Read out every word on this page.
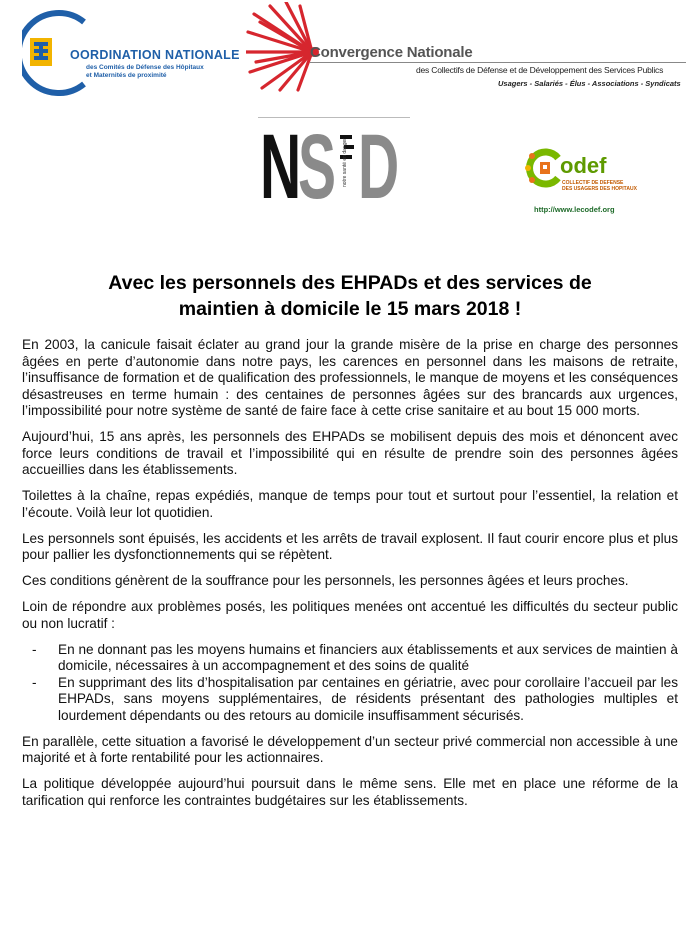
OORDINATION NATIONALE
des Comités de Défense des Hôpitaux
et Maternités de proximité
Convergence Nationale
des Collectifs de Défense et de Développement des Services Publics
Usagers - Salariés - Élus - Associations - Syndicats
N
S D
notre santé en danger	odef
COLLECTIF DE DEFENSE
DES USAGERS DES HOPITAUX
http://www.lecodef.org
Avec les personnels des EHPADs et des services de
maintien à domicile le 15 mars 2018 !

En 2003, la canicule faisait éclater au grand jour la grande misère de la prise en charge des personnes âgées en perte d’autonomie dans notre pays, les carences en personnel dans les maisons de retraite, l’insuffisance de formation et de qualification des professionnels, le manque de moyens et les conséquences désastreuses en terme humain : des centaines de personnes âgées sur des brancards aux urgences, l’impossibilité pour notre système de santé de faire face à cette crise sanitaire et au bout 15 000 morts.

Aujourd’hui, 15 ans après, les personnels des EHPADs se mobilisent depuis des mois et dénoncent avec force leurs conditions de travail et l’impossibilité qui en résulte de prendre soin des personnes âgées accueillies dans les établissements.

Toilettes à la chaîne, repas expédiés, manque de temps pour tout et surtout pour l’essentiel, la relation et l’écoute. Voilà leur lot quotidien.

Les personnels sont épuisés, les accidents et les arrêts de travail explosent. Il faut courir encore plus et plus pour pallier les dysfonctionnements qui se répètent.

Ces conditions génèrent de la souffrance pour les personnels, les personnes âgées et leurs proches.

Loin de répondre aux problèmes posés, les politiques menées ont accentué les difficultés du secteur public ou non lucratif :

- En ne donnant pas les moyens humains et financiers aux établissements et aux services de maintien à domicile, nécessaires à un accompagnement et des soins de qualité
- En supprimant des lits d’hospitalisation par centaines en gériatrie, avec pour corollaire l’accueil par les EHPADs, sans moyens supplémentaires, de résidents présentant des pathologies multiples et lourdement dépendants ou des retours au domicile insuffisamment sécurisés.

En parallèle, cette situation a favorisé le développement d’un secteur privé commercial non accessible à une majorité et à forte rentabilité pour les actionnaires.

La politique développée aujourd’hui poursuit dans le même sens. Elle met en place une réforme de la tarification qui renforce les contraintes budgétaires sur les établissements.
